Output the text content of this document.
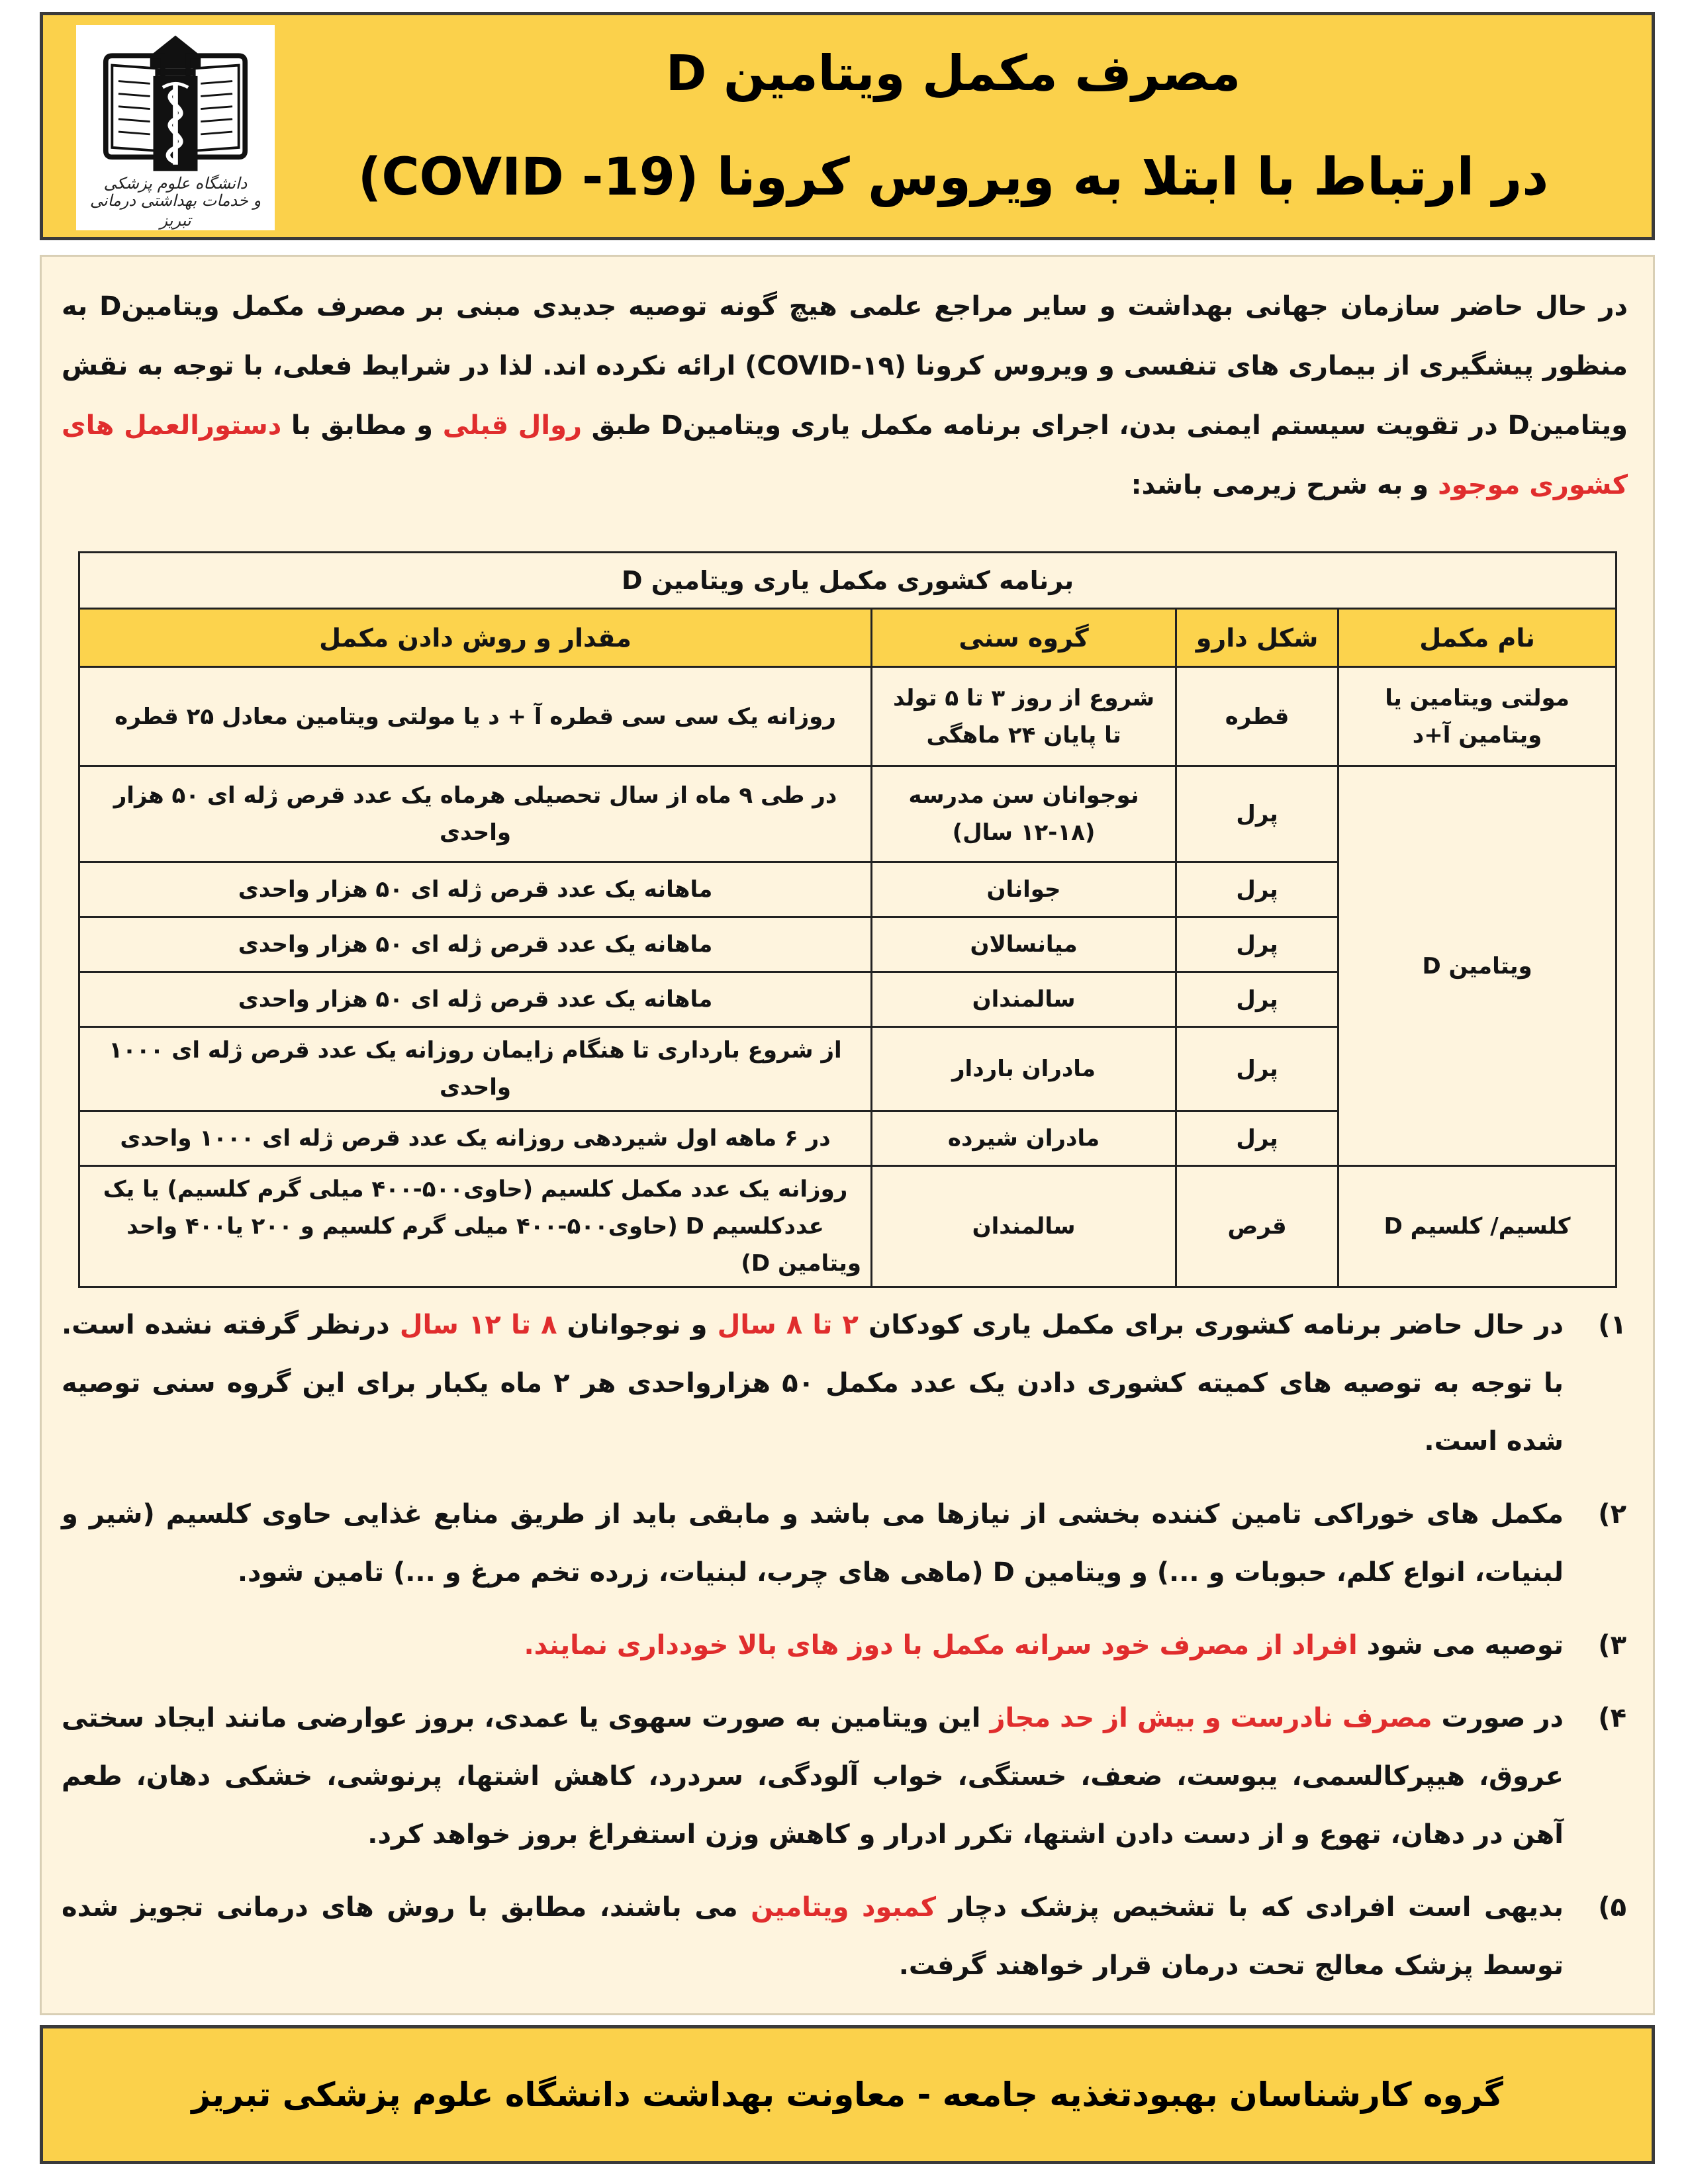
دانشگاه علوم پزشکی
و خدمات بهداشتی درمانی تبریز
مصرف مکمل ویتامین D
در ارتباط با ابتلا به ویروس کرونا (COVID -19)

در حال حاضر سازمان جهانی بهداشت و سایر مراجع علمی هیچ گونه توصیه جدیدی مبنی بر مصرف مکمل ویتامینD به منظور پیشگیری از بیماری های تنفسی و ویروس کرونا (COVID-۱۹) ارائه نکرده اند. لذا در شرایط فعلی، با توجه به نقش ویتامینD در تقویت سیستم ایمنی بدن، اجرای برنامه مکمل یاری ویتامینD طبق روال قبلی و مطابق با دستورالعمل های کشوری موجود و به شرح زیرمی باشد:

برنامه کشوری مکمل یاری ویتامین D			
نام مکمل	شکل دارو	گروه سنی	مقدار و روش دادن مکمل
مولتی ویتامین یا ویتامین آ+د	قطره	شروع از روز ۳ تا ۵ تولد تا پایان ۲۴ ماهگی	روزانه یک سی سی قطره آ + د یا مولتی ویتامین معادل ۲۵ قطره
ویتامین D	پرل	نوجوانان سن مدرسه (۱۸-۱۲ سال)	در طی ۹ ماه از سال تحصیلی هرماه یک عدد قرص ژله ای ۵۰ هزار واحدی
	پرل	جوانان	ماهانه یک عدد قرص ژله ای ۵۰ هزار واحدی
	پرل	میانسالان	ماهانه یک عدد قرص ژله ای ۵۰ هزار واحدی
	پرل	سالمندان	ماهانه یک عدد قرص ژله ای ۵۰ هزار واحدی
	پرل	مادران باردار	از شروع بارداری تا هنگام زایمان روزانه یک عدد قرص ژله ای ۱۰۰۰ واحدی
	پرل	مادران شیرده	در ۶ ماهه اول شیردهی روزانه یک عدد قرص ژله ای ۱۰۰۰ واحدی
کلسیم/ کلسیم D	قرص	سالمندان	روزانه یک عدد مکمل کلسیم (حاوی۵۰۰-۴۰۰ میلی گرم کلسیم) یا یک عددکلسیم D (حاوی۵۰۰-۴۰۰ میلی گرم کلسیم و ۲۰۰ یا۴۰۰ واحد ویتامین D)
۱)
در حال حاضر برنامه کشوری برای مکمل یاری کودکان ۲ تا ۸ سال و نوجوانان ۸ تا ۱۲ سال درنظر گرفته نشده است. با توجه به توصیه های کمیته کشوری دادن یک عدد مکمل ۵۰ هزارواحدی هر ۲ ماه یکبار برای این گروه سنی توصیه شده است.
۲)
مکمل های خوراکی تامین کننده بخشی از نیازها می باشد و مابقی باید از طریق منابع غذایی حاوی کلسیم (شیر و لبنیات، انواع کلم، حبوبات و ...) و ویتامین D (ماهی های چرب، لبنیات، زرده تخم مرغ و ...) تامین شود.
۳)
توصیه می شود افراد از مصرف خود سرانه مکمل با دوز های بالا خودداری نمایند.
۴)
در صورت مصرف نادرست و بیش از حد مجاز این ویتامین به صورت سهوی یا عمدی، بروز عوارضی مانند ایجاد سختی عروق، هیپرکالسمی، یبوست، ضعف، خستگی، خواب آلودگی، سردرد، کاهش اشتها، پرنوشی، خشکی دهان، طعم آهن در دهان، تهوع و از دست دادن اشتها، تکرر ادرار و کاهش وزن استفراغ بروز خواهد کرد.
۵)
بدیهی است افرادی که با تشخیص پزشک دچار کمبود ویتامین می باشند، مطابق با روش های درمانی تجویز شده توسط پزشک معالج تحت درمان قرار خواهند گرفت.
گروه کارشناسان بهبودتغذیه جامعه - معاونت بهداشت دانشگاه علوم پزشکی تبریز
